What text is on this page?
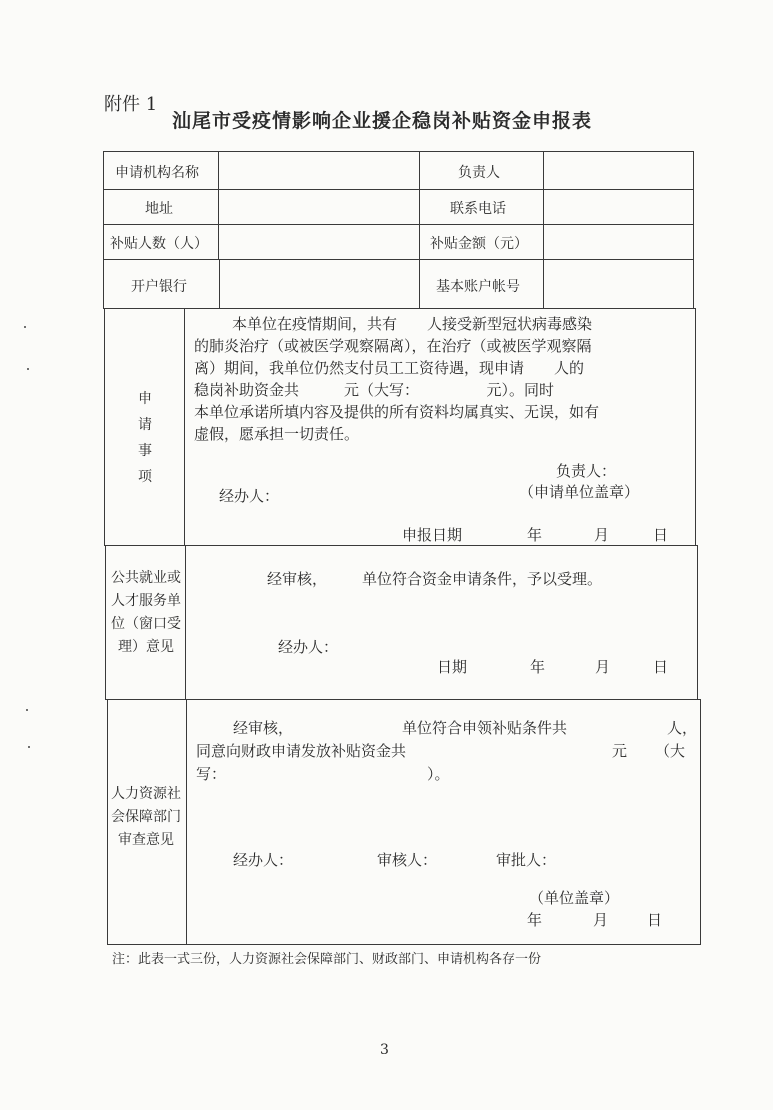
附件 1
汕尾市受疫情影响企业援企稳岗补贴资金申报表
申请机构名称	负责人
地址	联系电话
补贴人数（人）	补贴金额（元）
开户银行	基本账户帐号
申请事项
本单位在疫情期间，共有　　人接受新型冠状病毒感染
的肺炎治疗（或被医学观察隔离），在治疗（或被医学观察隔
离）期间，我单位仍然支付员工工资待遇，现申请　　人的
稳岗补助资金共　　　元（大写：　　　　　元）。同时
本单位承诺所填内容及提供的所有资料均属真实、无误，如有
虚假，愿承担一切责任。
负责人：
（申请单位盖章）
经办人：
申报日期	年	月	日
公共就业或人才服务单位（窗口受理）意见
经审核， 单位符合资金申请条件，予以受理。
经办人：
日期	年	月	日
人力资源社会保障部门审查意见
经审核，	单位符合申领补贴条件共	人，
同意向财政申请发放补贴资金共	元 （大
写：	）。
经办人：	审核人：	审批人：
（单位盖章）
年	月	日
注：此表一式三份，人力资源社会保障部门、财政部门、申请机构各存一份
3
